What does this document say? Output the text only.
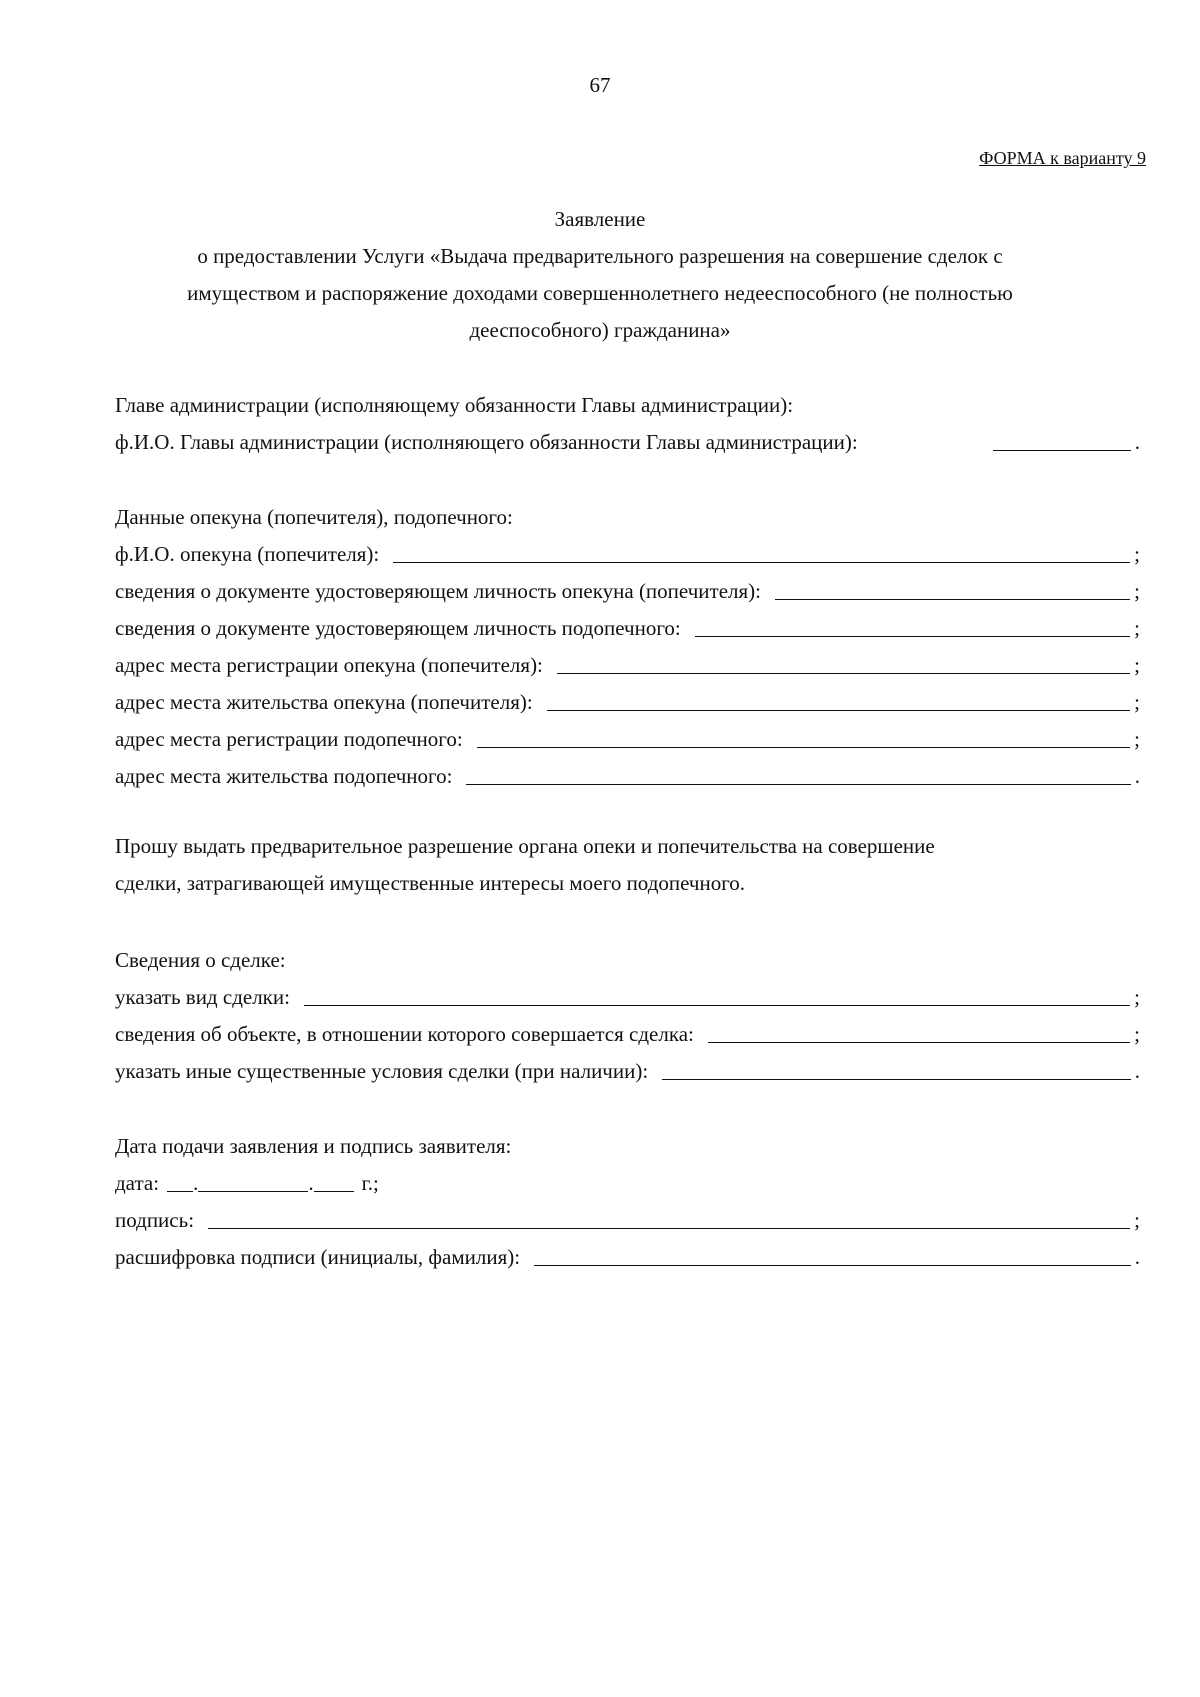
67
ФОРМА к варианту 9
Заявление
о предоставлении Услуги «Выдача предварительного разрешения на совершение сделок с
имуществом и распоряжение доходами совершеннолетнего недееспособного (не полностью
дееспособного) гражданина»
Главе администрации (исполняющему обязанности Главы администрации):
ф.И.О. Главы администрации (исполняющего обязанности Главы администрации):	.
Данные опекуна (попечителя), подопечного:
ф.И.О. опекуна (попечителя):	;
сведения о документе удостоверяющем личность опекуна (попечителя):	;
сведения о документе удостоверяющем личность подопечного:	;
адрес места регистрации опекуна (попечителя):	;
адрес места жительства опекуна (попечителя):	;
адрес места регистрации подопечного:	;
адрес места жительства подопечного:	.
Прошу выдать предварительное разрешение органа опеки и попечительства на совершение
сделки, затрагивающей имущественные интересы моего подопечного.
Сведения о сделке:
указать вид сделки:	;
сведения об объекте, в отношении которого совершается сделка:	;
указать иные существенные условия сделки (при наличии):	.
Дата подачи заявления и подпись заявителя:
дата: .	. г.;
подпись:	;
расшифровка подписи (инициалы, фамилия):	.
